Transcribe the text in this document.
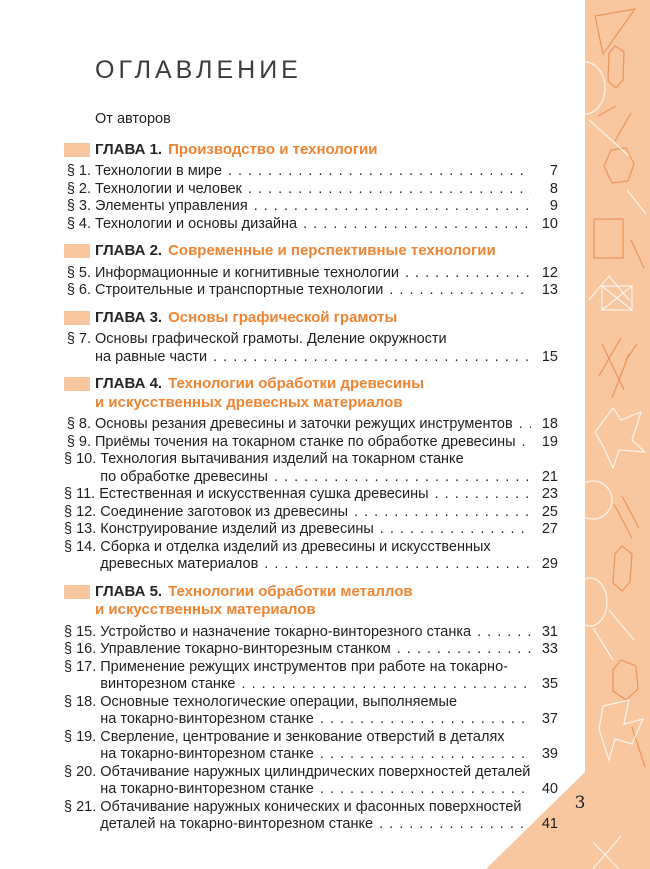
3
ОГЛАВЛЕНИЕ
От авторов
ГЛАВА 1. Производство и технологии
§ 1. Технологии в мире . . .	7
§ 2. Технологии и человек . . .	8
§ 3. Элементы управления . . .	9
§ 4. Технологии и основы дизайна . . .	10
ГЛАВА 2. Современные и перспективные технологии
§ 5. Информационные и когнитивные технологии . . .	12
§ 6. Строительные и транспортные технологии . . .	13
ГЛАВА 3. Основы графической грамоты
§ 7. Основы графической грамоты. Деление окружности
на равные части . . .	15
ГЛАВА 4. Технологии обработки древесины
и искусственных древесных материалов
§ 8. Основы резания древесины и заточки режущих инструментов . . .	18
§ 9. Приёмы точения на токарном станке по обработке древесины . . .	19
§ 10. Технология вытачивания изделий на токарном станке
по обработке древесины . . .	21
§ 11. Естественная и искусственная сушка древесины . . .	23
§ 12. Соединение заготовок из древесины . . .	25
§ 13. Конструирование изделий из древесины . . .	27
§ 14. Сборка и отделка изделий из древесины и искусственных
древесных материалов . . .	29
ГЛАВА 5. Технологии обработки металлов
и искусственных материалов
§ 15. Устройство и назначение токарно-винторезного станка . . .	31
§ 16. Управление токарно-винторезным станком . . .	33
§ 17. Применение режущих инструментов при работе на токарно-
винторезном станке . . .	35
§ 18. Основные технологические операции, выполняемые
на токарно-винторезном станке . . .	37
§ 19. Сверление, центрование и зенкование отверстий в деталях
на токарно-винторезном станке . . .	39
§ 20. Обтачивание наружных цилиндрических поверхностей деталей
на токарно-винторезном станке . . .	40
§ 21. Обтачивание наружных конических и фасонных поверхностей
деталей на токарно-винторезном станке . . .	41
